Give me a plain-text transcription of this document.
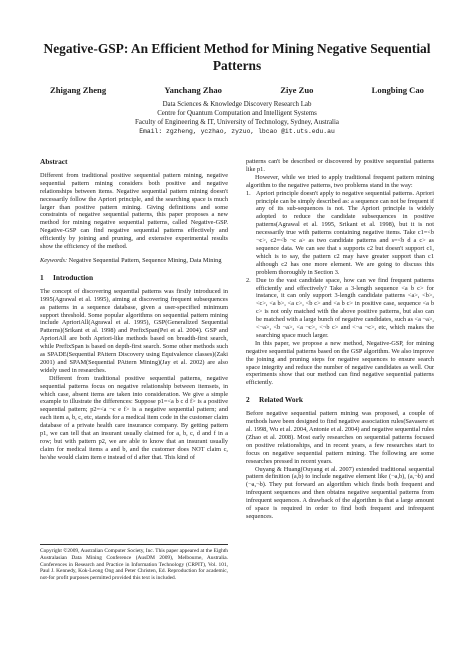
Negative-GSP: An Efficient Method for Mining Negative Sequential Patterns
Zhigang Zheng	Yanchang Zhao	Ziye Zuo	Longbing Cao
Data Sciences & Knowledge Discovery Research Lab
Centre for Quantum Computation and Intelligent Systems
Faculty of Engineering & IT, University of Technology, Sydney, Australia
Email: zgzheng, yczhao, zyzuo, lbcao @it.uts.edu.au
Abstract

Different from traditional positive sequential pattern mining, negative sequential pattern mining considers both positive and negative relationships between items. Negative sequential pattern mining doesn't necessarily follow the Apriori principle, and the searching space is much larger than positive pattern mining. Giving definitions and some constraints of negative sequential patterns, this paper proposes a new method for mining negative sequential patterns, called Negative-GSP. Negative-GSP can find negative sequential patterns effectively and efficiently by joining and pruning, and extensive experimental results show the efficiency of the method.

Keywords: Negative Sequential Pattern, Sequence Mining, Data Mining

1 Introduction

The concept of discovering sequential patterns was firstly introduced in 1995(Agrawal et al. 1995), aiming at discovering frequent subsequences as patterns in a sequence database, given a user-specified minimum support threshold. Some popular algorithms on sequential pattern mining include AprioriAll(Agrawal et al. 1995), GSP(Generalized Sequential Patterns)(Srikant et al. 1998) and PrefixSpan(Pei et al. 2004). GSP and AprioriAll are both Apriori-like methods based on breadth-first search, while PrefixSpan is based on depth-first search. Some other methods such as SPADE(Sequential PAttern Discovery using Equivalence classes)(Zaki 2001) and SPAM(Sequential PAttern Mining)(Jay et al. 2002) are also widely used in researches.

Different from traditional positive sequential patterns, negative sequential patterns focus on negative relationship between itemsets, in which case, absent items are taken into consideration. We give a simple example to illustrate the differences: Suppose p1=<a b c d f> is a positive sequential pattern; p2=<a ¬c e f> is a negative sequential pattern; and each item a, b, c, etc, stands for a medical item code in the customer claim database of a private health care insurance company. By getting pattern p1, we can tell that an insurant usually claimed for a, b, c, d and f in a row; but with pattern p2, we are able to know that an insurant usually claim for medical items a and b, and the customer does NOT claim c, he/she would claim item e instead of d after that. This kind of

Copyright ©2009, Australian Computer Society, Inc. This paper appeared at the Eighth Australasian Data Mining Conference (AusDM 2009), Melbourne, Australia. Conferences in Research and Practice in Information Technology (CRPIT), Vol. 101, Paul J. Kennedy, Kok-Leong Ong and Peter Christen, Ed. Reproduction for academic, not-for profit purposes permitted provided this text is included.

patterns can't be described or discovered by positive sequential patterns like p1.

However, while we tried to apply traditional frequent pattern mining algorithm to the negative patterns, two problems stand in the way:

1. Apriori principle doesn't apply to negative sequential patterns. Apriori principle can be simply described as: a sequence can not be frequent if any of its sub-sequences is not. The Apriori principle is widely adopted to reduce the candidate subsequences in positive patterns(Agrawal et al. 1995, Srikant et al. 1998), but it is not necessarily true with patterns containing negative items. Take c1=<b ¬c>, c2=<b ¬c a> as two candidate patterns and s=<b d a c> as sequence data. We can see that s supports c2 but doesn't support c1, which is to say, the pattern c2 may have greater support than c1 although c2 has one more element. We are going to discuss this problem thoroughly in Section 3.
2. Due to the vast candidate space, how can we find frequent patterns efficiently and effectively? Take a 3-length sequence <a b c> for instance, it can only support 3-length candidate patterns <a>, <b>, <c>, <a b>, <a c>, <b c> and <a b c> in positive case, sequence <a b c> is not only matched with the above positive patterns, but also can be matched with a large bunch of negative candidates, such as <a ¬a>, <¬a>, <b ¬a>, <a ¬c>, <¬b c> and <¬a ¬c>, etc, which makes the searching space much larger.

In this paper, we propose a new method, Negative-GSP, for mining negative sequential patterns based on the GSP algorithm. We also improve the joining and pruning steps for negative sequences to ensure search space integrity and reduce the number of negative candidates as well. Our experiments show that our method can find negative sequential patterns efficiently.

2 Related Work

Before negative sequential pattern mining was proposed, a couple of methods have been designed to find negative association rules(Savasere et al. 1998, Wu et al. 2004, Antonie et al. 2004) and negative sequential rules (Zhao et al. 2008). Most early researches on sequential patterns focused on positive relationships, and in recent years, a few researches start to focus on negative sequential pattern mining. The following are some researches pressed in recent years.

Ouyang & Huang(Ouyang et al. 2007) extended traditional sequential pattern definition (a,b) to include negative element like (¬a,b), (a,¬b) and (¬a,¬b). They put forward an algorithm which finds both frequent and infrequent sequences and then obtains negative sequential patterns from infrequent sequences. A drawback of the algorithm is that a large amount of space is required in order to find both frequent and infrequent sequences.
